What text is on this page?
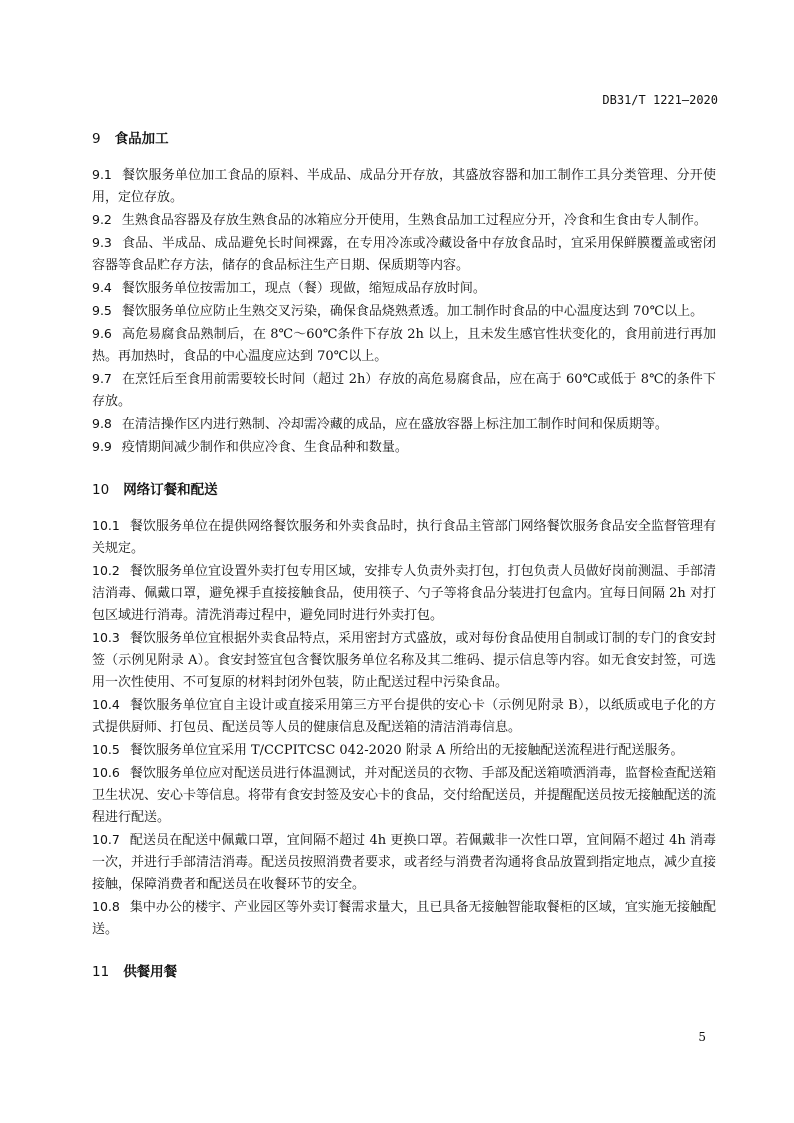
DB31/T 1221—2020
9 食品加工

9.1 餐饮服务单位加工食品的原料、半成品、成品分开存放，其盛放容器和加工制作工具分类管理、分开使用，定位存放。

9.2 生熟食品容器及存放生熟食品的冰箱应分开使用，生熟食品加工过程应分开，冷食和生食由专人制作。

9.3 食品、半成品、成品避免长时间裸露，在专用冷冻或冷藏设备中存放食品时，宜采用保鲜膜覆盖或密闭容器等食品贮存方法，储存的食品标注生产日期、保质期等内容。

9.4 餐饮服务单位按需加工，现点（餐）现做，缩短成品存放时间。

9.5 餐饮服务单位应防止生熟交叉污染，确保食品烧熟煮透。加工制作时食品的中心温度达到 70℃以上。

9.6 高危易腐食品熟制后，在 8℃～60℃条件下存放 2h 以上，且未发生感官性状变化的，食用前进行再加热。再加热时，食品的中心温度应达到 70℃以上。

9.7 在烹饪后至食用前需要较长时间（超过 2h）存放的高危易腐食品，应在高于 60℃或低于 8℃的条件下存放。

9.8 在清洁操作区内进行熟制、冷却需冷藏的成品，应在盛放容器上标注加工制作时间和保质期等。

9.9 疫情期间减少制作和供应冷食、生食品种和数量。

10 网络订餐和配送

10.1 餐饮服务单位在提供网络餐饮服务和外卖食品时，执行食品主管部门网络餐饮服务食品安全监督管理有关规定。

10.2 餐饮服务单位宜设置外卖打包专用区域，安排专人负责外卖打包，打包负责人员做好岗前测温、手部清洁消毒、佩戴口罩，避免裸手直接接触食品，使用筷子、勺子等将食品分装进打包盒内。宜每日间隔 2h 对打包区域进行消毒。清洗消毒过程中，避免同时进行外卖打包。

10.3 餐饮服务单位宜根据外卖食品特点，采用密封方式盛放，或对每份食品使用自制或订制的专门的食安封签（示例见附录 A）。食安封签宜包含餐饮服务单位名称及其二维码、提示信息等内容。如无食安封签，可选用一次性使用、不可复原的材料封闭外包装，防止配送过程中污染食品。

10.4 餐饮服务单位宜自主设计或直接采用第三方平台提供的安心卡（示例见附录 B），以纸质或电子化的方式提供厨师、打包员、配送员等人员的健康信息及配送箱的清洁消毒信息。

10.5 餐饮服务单位宜采用 T/CCPITCSC 042-2020 附录 A 所给出的无接触配送流程进行配送服务。

10.6 餐饮服务单位应对配送员进行体温测试，并对配送员的衣物、手部及配送箱喷洒消毒，监督检查配送箱卫生状况、安心卡等信息。将带有食安封签及安心卡的食品，交付给配送员，并提醒配送员按无接触配送的流程进行配送。

10.7 配送员在配送中佩戴口罩，宜间隔不超过 4h 更换口罩。若佩戴非一次性口罩，宜间隔不超过 4h 消毒一次，并进行手部清洁消毒。配送员按照消费者要求，或者经与消费者沟通将食品放置到指定地点，减少直接接触，保障消费者和配送员在收餐环节的安全。

10.8 集中办公的楼宇、产业园区等外卖订餐需求量大，且已具备无接触智能取餐柜的区域，宜实施无接触配送。

11 供餐用餐
5
